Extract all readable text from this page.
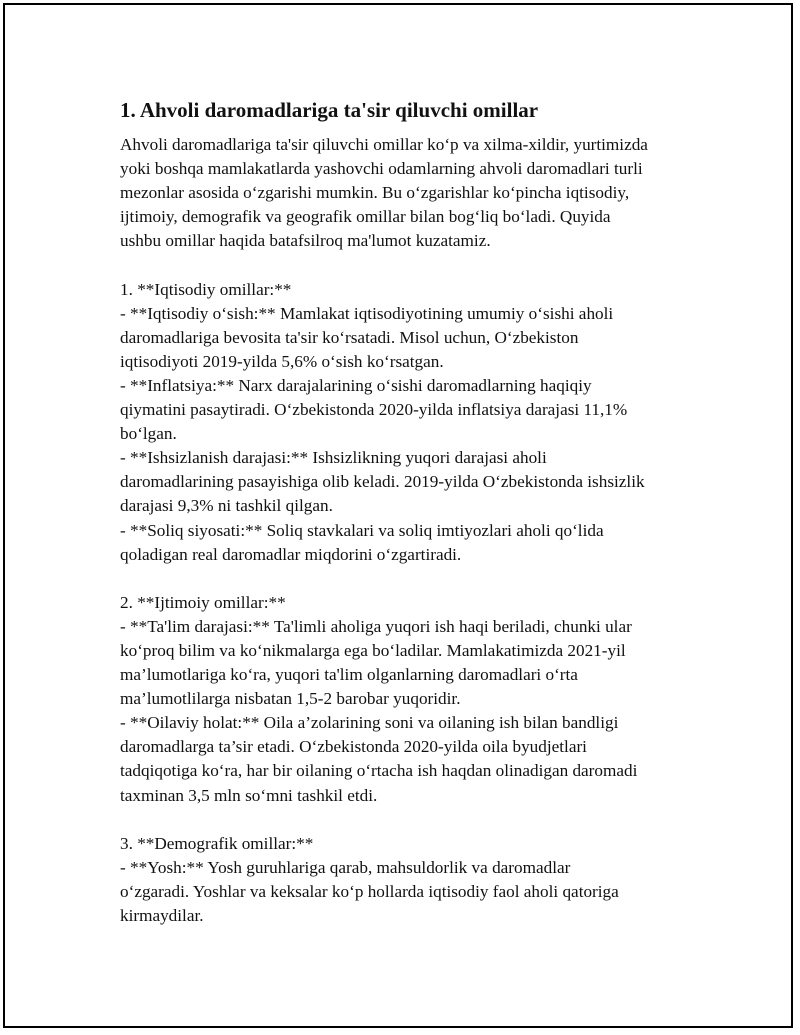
1. Ahvoli daromadlariga ta'sir qiluvchi omillar

Ahvoli daromadlariga ta'sir qiluvchi omillar ko‘p va xilma-xildir, yurtimizda
yoki boshqa mamlakatlarda yashovchi odamlarning ahvoli daromadlari turli
mezonlar asosida o‘zgarishi mumkin. Bu o‘zgarishlar ko‘pincha iqtisodiy,
ijtimoiy, demografik va geografik omillar bilan bog‘liq bo‘ladi. Quyida
ushbu omillar haqida batafsilroq ma'lumot kuzatamiz.

1. **Iqtisodiy omillar:**

- **Iqtisodiy o‘sish:** Mamlakat iqtisodiyotining umumiy o‘sishi aholi
daromadlariga bevosita ta'sir ko‘rsatadi. Misol uchun, O‘zbekiston
iqtisodiyoti 2019-yilda 5,6% o‘sish ko‘rsatgan.

- **Inflatsiya:** Narx darajalarining o‘sishi daromadlarning haqiqiy
qiymatini pasaytiradi. O‘zbekistonda 2020-yilda inflatsiya darajasi 11,1%
bo‘lgan.

- **Ishsizlanish darajasi:** Ishsizlikning yuqori darajasi aholi
daromadlarining pasayishiga olib keladi. 2019-yilda O‘zbekistonda ishsizlik
darajasi 9,3% ni tashkil qilgan.

- **Soliq siyosati:** Soliq stavkalari va soliq imtiyozlari aholi qo‘lida
qoladigan real daromadlar miqdorini o‘zgartiradi.

2. **Ijtimoiy omillar:**

- **Ta'lim darajasi:** Ta'limli aholiga yuqori ish haqi beriladi, chunki ular
ko‘proq bilim va ko‘nikmalarga ega bo‘ladilar. Mamlakatimizda 2021-yil
ma’lumotlariga ko‘ra, yuqori ta'lim olganlarning daromadlari o‘rta
ma’lumotlilarga nisbatan 1,5-2 barobar yuqoridir.

- **Oilaviy holat:** Oila a’zolarining soni va oilaning ish bilan bandligi
daromadlarga ta’sir etadi. O‘zbekistonda 2020-yilda oila byudjetlari
tadqiqotiga ko‘ra, har bir oilaning o‘rtacha ish haqdan olinadigan daromadi
taxminan 3,5 mln so‘mni tashkil etdi.

3. **Demografik omillar:**

- **Yosh:** Yosh guruhlariga qarab, mahsuldorlik va daromadlar
o‘zgaradi. Yoshlar va keksalar ko‘p hollarda iqtisodiy faol aholi qatoriga
kirmaydilar.
